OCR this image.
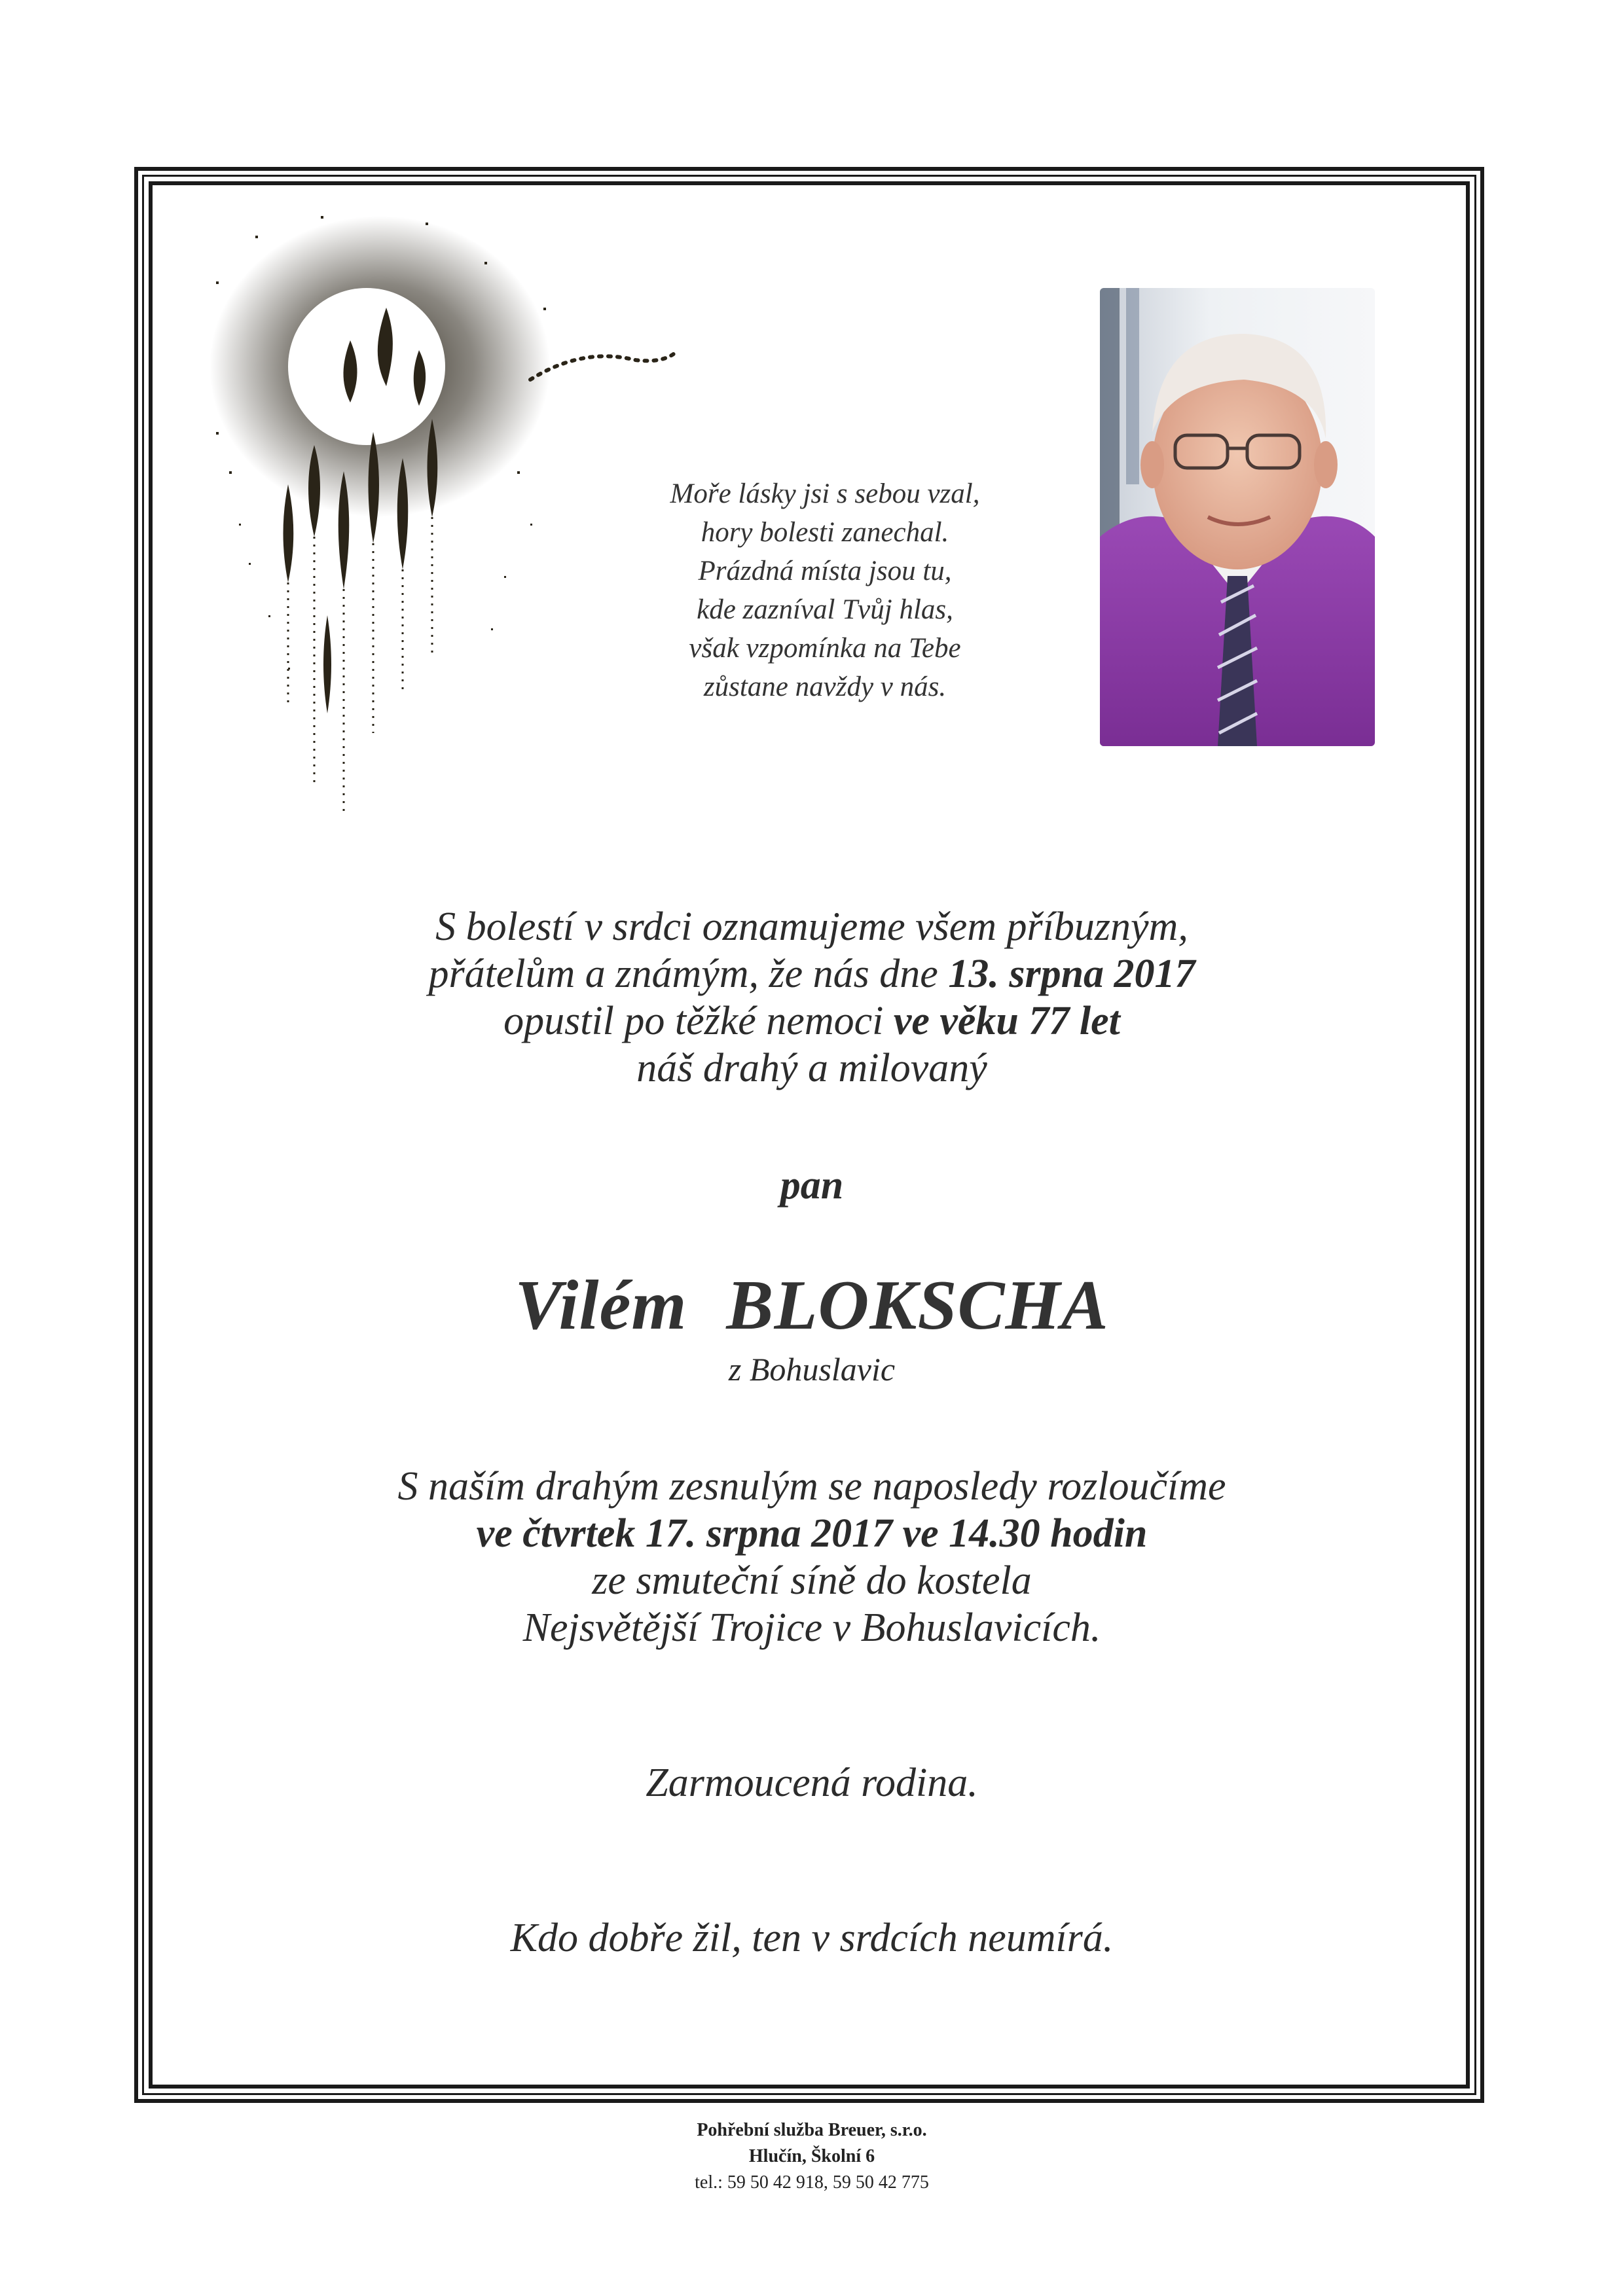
Moře lásky jsi s sebou vzal,
hory bolesti zanechal.
Prázdná místa jsou tu,
kde zazníval Tvůj hlas,
však vzpomínka na Tebe
zůstane navždy v nás.
S bolestí v srdci oznamujeme všem příbuzným,
přátelům a známým, že nás dne 13. srpna 2017
opustil po těžké nemoci ve věku 77 let
náš drahý a milovaný
pan
Vilém BLOKSCHA
z Bohuslavic
S naším drahým zesnulým se naposledy rozloučíme
ve čtvrtek 17. srpna 2017 ve 14.30 hodin
ze smuteční síně do kostela
Nejsvětější Trojice v Bohuslavicích.
Zarmoucená rodina.
Kdo dobře žil, ten v srdcích neumírá.
Pohřební služba Breuer, s.r.o.
Hlučín, Školní 6
tel.: 59 50 42 918, 59 50 42 775
